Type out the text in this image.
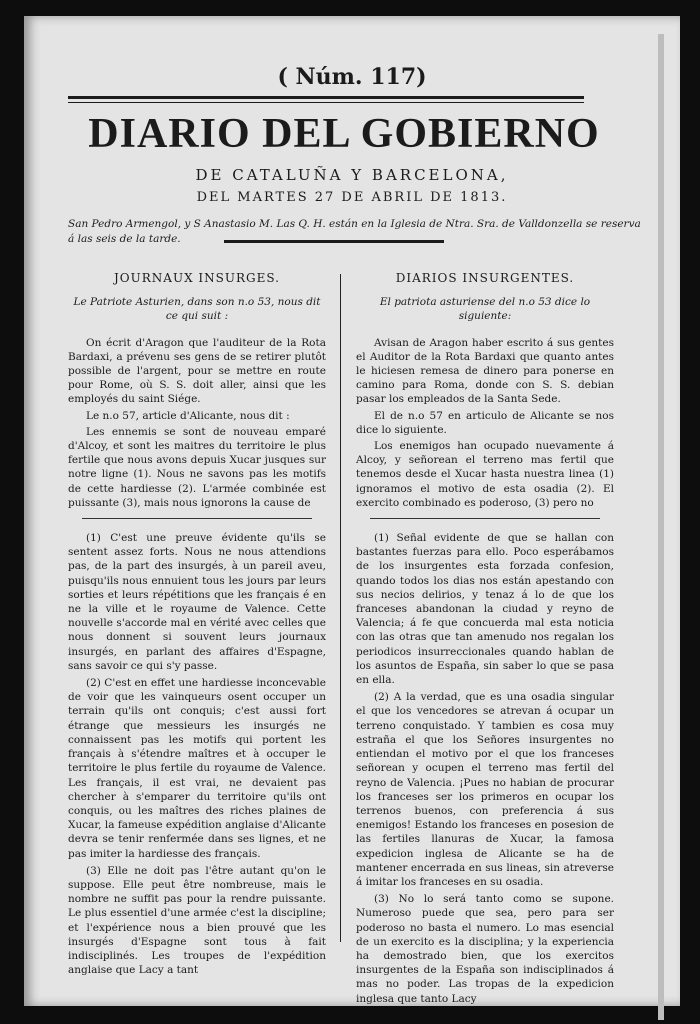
( Núm. 117)
DIARIO DEL GOBIERNO
DE CATALUÑA Y BARCELONA,
DEL MARTES 27 DE ABRIL DE 1813.
San Pedro Armengol, y S Anastasio M. Las Q. H. están en la Iglesia de Ntra. Sra. de Valldonzella se reserva á las seis de la tarde.
JOURNAUX INSURGES.
Le Patriote Asturien, dans son n.o 53, nous dit ce qui suit :

On écrit d'Aragon que l'auditeur de la Rota Bardaxi, a prévenu ses gens de se retirer plutôt possible de l'argent, pour se mettre en route pour Rome, où S. S. doit aller, ainsi que les employés du saint Siége.

Le n.o 57, article d'Alicante, nous dit :

Les ennemis se sont de nouveau emparé d'Alcoy, et sont les maitres du territoire le plus fertile que nous avons depuis Xucar jusques sur notre ligne (1). Nous ne savons pas les motifs de cette hardiesse (2). L'armée combinée est puissante (3), mais nous ignorons la cause de

(1) C'est une preuve évidente qu'ils se sentent assez forts. Nous ne nous attendions pas, de la part des insurgés, à un pareil aveu, puisqu'ils nous ennuient tous les jours par leurs sorties et leurs répétitions que les français é en ne la ville et le royaume de Valence. Cette nouvelle s'accorde mal en vérité avec celles que nous donnent si souvent leurs journaux insurgés, en parlant des affaires d'Espagne, sans savoir ce qui s'y passe.

(2) C'est en effet une hardiesse inconcevable de voir que les vainqueurs osent occuper un terrain qu'ils ont conquis; c'est aussi fort étrange que messieurs les insurgés ne connaissent pas les motifs qui portent les français à s'étendre maîtres et à occuper le territoire le plus fertile du royaume de Valence. Les français, il est vrai, ne devaient pas chercher à s'emparer du territoire qu'ils ont conquis, ou les maîtres des riches plaines de Xucar, la fameuse expédition anglaise d'Alicante devra se tenir renfermée dans ses lignes, et ne pas imiter la hardiesse des français.

(3) Elle ne doit pas l'être autant qu'on le suppose. Elle peut être nombreuse, mais le nombre ne suffit pas pour la rendre puissante. Le plus essentiel d'une armée c'est la discipline; et l'expérience nous a bien prouvé que les insurgés d'Espagne sont tous à fait indisciplinés. Les troupes de l'expédition anglaise que Lacy a tant

DIARIOS INSURGENTES.
El patriota asturiense del n.o 53 dice lo siguiente:

Avisan de Aragon haber escrito á sus gentes el Auditor de la Rota Bardaxi que quanto antes le hiciesen remesa de dinero para ponerse en camino para Roma, donde con S. S. debian pasar los empleados de la Santa Sede.

El de n.o 57 en articulo de Alicante se nos dice lo siguiente.

Los enemigos han ocupado nuevamente á Alcoy, y señorean el terreno mas fertil que tenemos desde el Xucar hasta nuestra linea (1) ignoramos el motivo de esta osadia (2). El exercito combinado es poderoso, (3) pero no

(1) Señal evidente de que se hallan con bastantes fuerzas para ello. Poco esperábamos de los insurgentes esta forzada confesion, quando todos los dias nos están apestando con sus necios delirios, y tenaz á lo de que los franceses abandonan la ciudad y reyno de Valencia; á fe que concuerda mal esta noticia con las otras que tan amenudo nos regalan los periodicos insurreccionales quando hablan de los asuntos de España, sin saber lo que se pasa en ella.

(2) A la verdad, que es una osadia singular el que los vencedores se atrevan á ocupar un terreno conquistado. Y tambien es cosa muy estraña el que los Señores insurgentes no entiendan el motivo por el que los franceses señorean y ocupen el terreno mas fertil del reyno de Valencia. ¡Pues no habian de procurar los franceses ser los primeros en ocupar los terrenos buenos, con preferencia á sus enemigos! Estando los franceses en posesion de las fertiles llanuras de Xucar, la famosa expedicion inglesa de Alicante se ha de mantener encerrada en sus lineas, sin atreverse á imitar los franceses en su osadia.

(3) No lo será tanto como se supone. Numeroso puede que sea, pero para ser poderoso no basta el numero. Lo mas esencial de un exercito es la disciplina; y la experiencia ha demostrado bien, que los exercitos insurgentes de la España son indisciplinados á mas no poder. Las tropas de la expedicion inglesa que tanto Lacy
